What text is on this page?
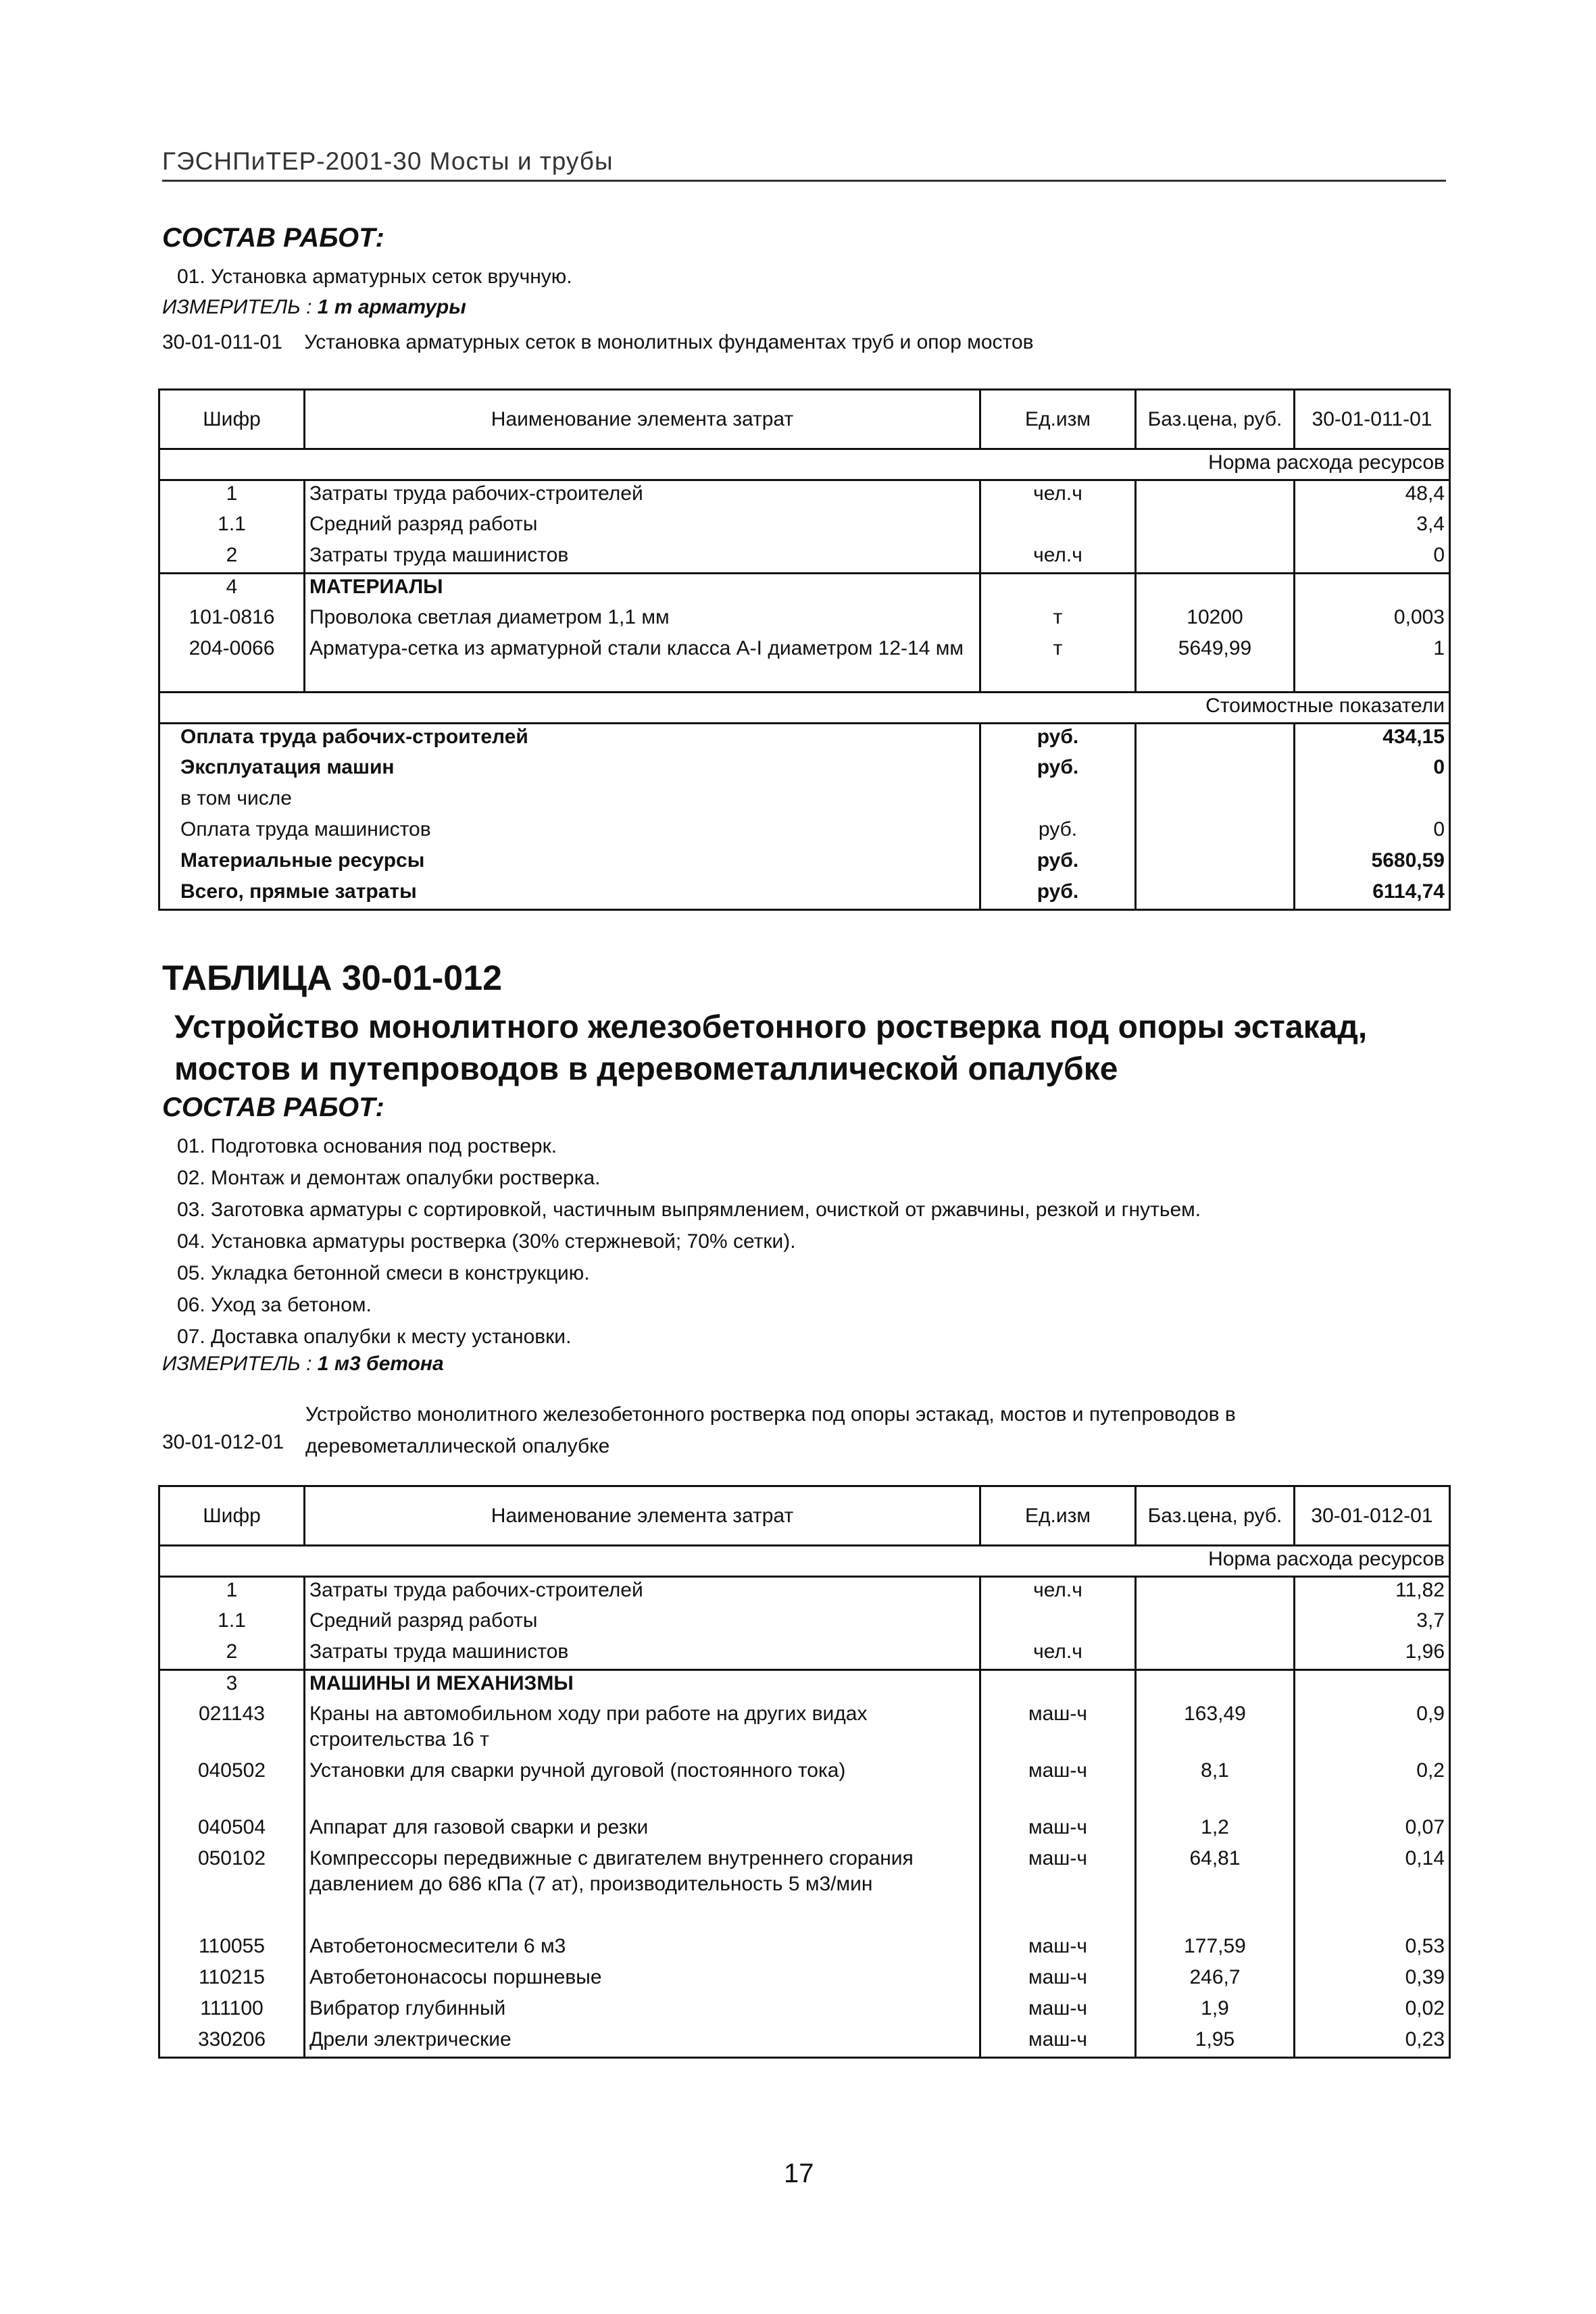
ГЭСНПиТЕР-2001-30 Мосты и трубы
СОСТАВ РАБОТ:
01. Установка арматурных сеток вручную.
ИЗМЕРИТЕЛЬ : 1 т арматуры
30-01-011-01 Установка арматурных сеток в монолитных фундаментах труб и опор мостов
Шифр	Наименование элемента затрат	Ед.изм	Баз.цена, руб.	30-01-011-01
Норма расхода ресурсов				
1	Затраты труда рабочих-строителей	чел.ч		48,4
1.1	Средний разряд работы			3,4
2	Затраты труда машинистов	чел.ч		0
4	МАТЕРИАЛЫ			
101-0816	Проволока светлая диаметром 1,1 мм	т	10200	0,003
204-0066	Арматура-сетка из арматурной стали класса А-I диаметром 12-14 мм	т	5649,99	1
Стоимостные показатели				
Оплата труда рабочих-строителей		руб.		434,15
Эксплуатация машин		руб.		0
в том числе				
Оплата труда машинистов		руб.		0
Материальные ресурсы		руб.		5680,59
Всего, прямые затраты		руб.		6114,74
ТАБЛИЦА 30-01-012
Устройство монолитного железобетонного ростверка под опоры эстакад, мостов и путепроводов в деревометаллической опалубке
СОСТАВ РАБОТ:
01. Подготовка основания под ростверк.
02. Монтаж и демонтаж опалубки ростверка.
03. Заготовка арматуры с сортировкой, частичным выпрямлением, очисткой от ржавчины, резкой и гнутьем.
04. Установка арматуры ростверка (30% стержневой; 70% сетки).
05. Укладка бетонной смеси в конструкцию.
06. Уход за бетоном.
07. Доставка опалубки к месту установки.
ИЗМЕРИТЕЛЬ : 1 м3 бетона
30-01-012-01
Устройство монолитного железобетонного ростверка под опоры эстакад, мостов и путепроводов в деревометаллической опалубке
Шифр	Наименование элемента затрат	Ед.изм	Баз.цена, руб.	30-01-012-01
Норма расхода ресурсов				
1	Затраты труда рабочих-строителей	чел.ч		11,82
1.1	Средний разряд работы			3,7
2	Затраты труда машинистов	чел.ч		1,96
3	МАШИНЫ И МЕХАНИЗМЫ			
021143	Краны на автомобильном ходу при работе на других видах строительства 16 т	маш-ч	163,49	0,9
040502	Установки для сварки ручной дуговой (постоянного тока)	маш-ч	8,1	0,2
040504	Аппарат для газовой сварки и резки	маш-ч	1,2	0,07
050102	Компрессоры передвижные с двигателем внутреннего сгорания давлением до 686 кПа (7 ат), производительность 5 м3/мин	маш-ч	64,81	0,14
110055	Автобетоносмесители 6 м3	маш-ч	177,59	0,53
110215	Автобетононасосы поршневые	маш-ч	246,7	0,39
111100	Вибратор глубинный	маш-ч	1,9	0,02
330206	Дрели электрические	маш-ч	1,95	0,23
17
